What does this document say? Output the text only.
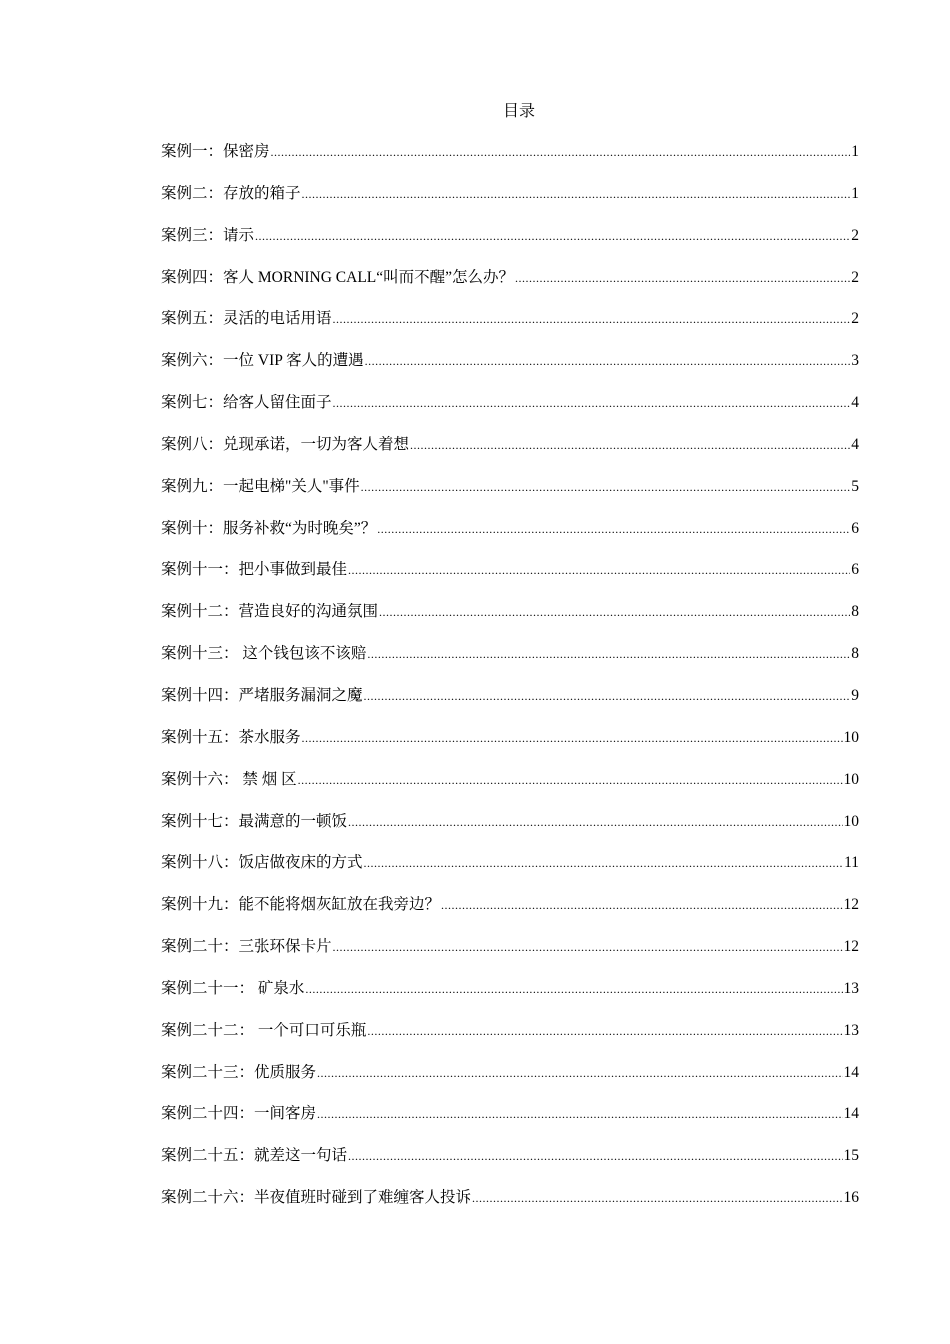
目录
案例一：保密房 .....	1
案例二：存放的箱子 .....	1
案例三：请示 .....	2
案例四：客人 MORNING CALL“叫而不醒”怎么办？ .....	2
案例五：灵活的电话用语 .....	2
案例六：一位 VIP 客人的遭遇 .....	3
案例七：给客人留住面子 .....	4
案例八：兑现承诺，一切为客人着想 .....	4
案例九：一起电梯"关人"事件 .....	5
案例十：服务补救“为时晚矣”？ .....	6
案例十一：把小事做到最佳 .....	6
案例十二：营造良好的沟通氛围 .....	8
案例十三： 这个钱包该不该赔 .....	8
案例十四：严堵服务漏洞之魔 .....	9
案例十五：茶水服务 .....	10
案例十六： 禁 烟 区 .....	10
案例十七：最满意的一顿饭 .....	10
案例十八：饭店做夜床的方式 .....	11
案例十九：能不能将烟灰缸放在我旁边？ .....	12
案例二十：三张环保卡片 .....	12
案例二十一： 矿泉水 .....	13
案例二十二： 一个可口可乐瓶 .....	13
案例二十三：优质服务 .....	14
案例二十四：一间客房 .....	14
案例二十五：就差这一句话 .....	15
案例二十六：半夜值班时碰到了难缠客人投诉 .....	16
